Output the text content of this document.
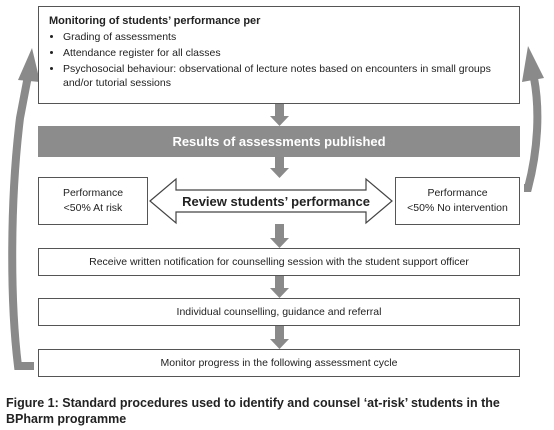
Monitoring of students’ performance per
• Grading of assessments
• Attendance register for all classes
• Psychosocial behaviour: observational of lecture notes based on encounters in small groups and/or tutorial sessions
Results of assessments published
Performance
<50% At risk
Performance
<50% No intervention
Review students’ performance
Receive written notification for counselling session with the student support officer
Individual counselling, guidance and referral
Monitor progress in the following assessment cycle
Figure 1: Standard procedures used to identify and counsel ‘at-risk’ students in the BPharm programme
